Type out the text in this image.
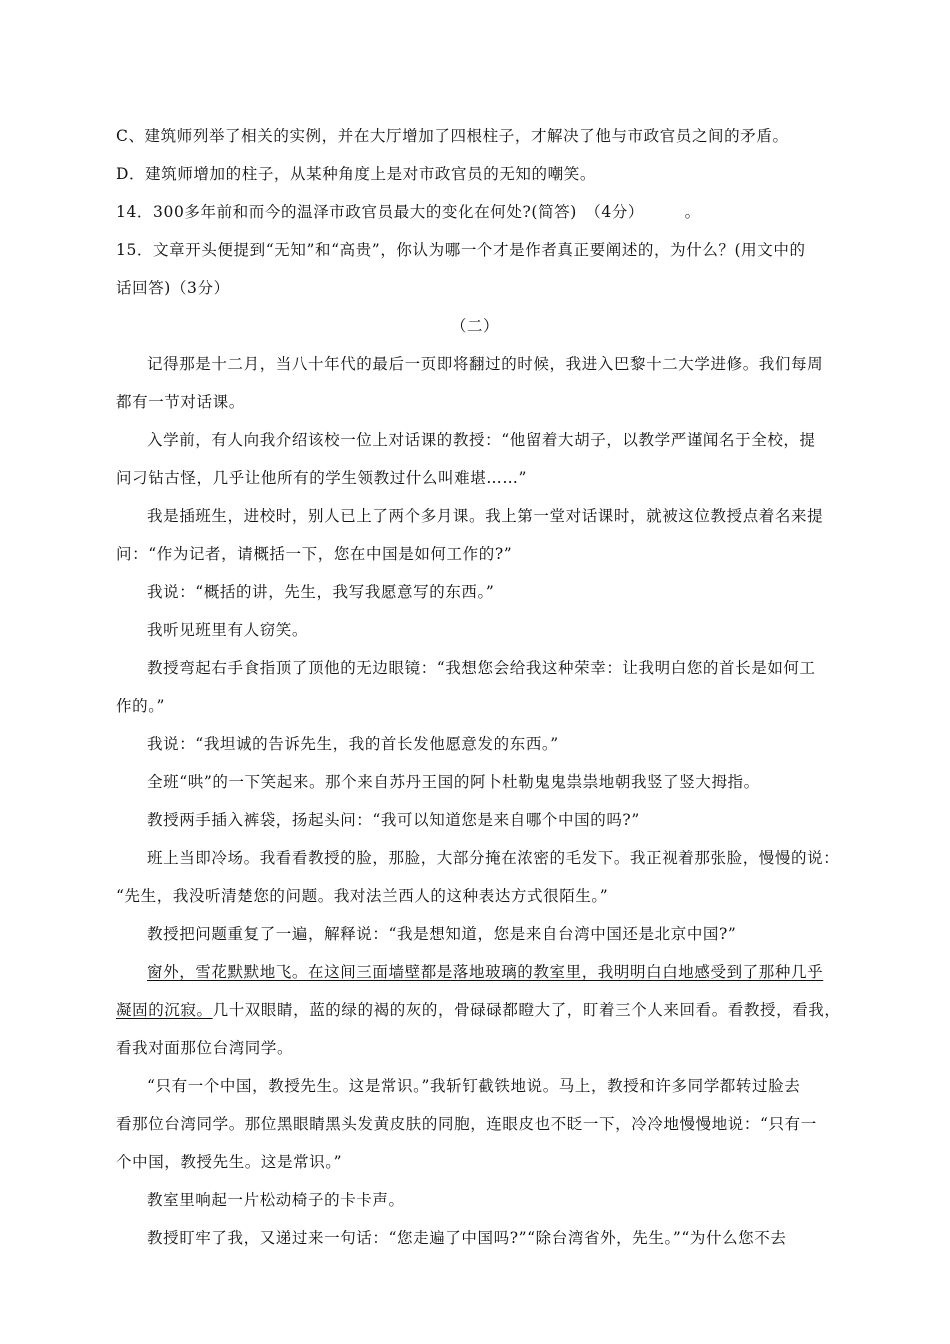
C、建筑师列举了相关的实例，并在大厅增加了四根柱子，才解决了他与市政官员之间的矛盾。
D．建筑师增加的柱子，从某种角度上是对市政官员的无知的嘲笑。
14．300多年前和而今的温泽市政官员最大的变化在何处?(简答)　（4分）　　　。
15．文章开头便提到“无知”和“高贵”，你认为哪一个才是作者真正要阐述的，为什么？(用文中的
话回答)（3分）
（二）
记得那是十二月，当八十年代的最后一页即将翻过的时候，我进入巴黎十二大学进修。我们每周
都有一节对话课。
入学前，有人向我介绍该校一位上对话课的教授：“他留着大胡子，以教学严谨闻名于全校，提
问刁钻古怪，几乎让他所有的学生领教过什么叫难堪……”
我是插班生，进校时，别人已上了两个多月课。我上第一堂对话课时，就被这位教授点着名来提
问：“作为记者，请概括一下，您在中国是如何工作的?”
我说：“概括的讲，先生，我写我愿意写的东西。”
我听见班里有人窃笑。
教授弯起右手食指顶了顶他的无边眼镜：“我想您会给我这种荣幸：让我明白您的首长是如何工
作的。”
我说：“我坦诚的告诉先生，我的首长发他愿意发的东西。”
全班“哄”的一下笑起来。那个来自苏丹王国的阿卜杜勒鬼鬼祟祟地朝我竖了竖大拇指。
教授两手插入裤袋，扬起头问：“我可以知道您是来自哪个中国的吗?”
班上当即冷场。我看看教授的脸，那脸，大部分掩在浓密的毛发下。我正视着那张脸，慢慢的说：
“先生，我没听清楚您的问题。我对法兰西人的这种表达方式很陌生。”
教授把问题重复了一遍，解释说：“我是想知道，您是来自台湾中国还是北京中国?”
窗外，雪花默默地飞。在这间三面墙壁都是落地玻璃的教室里，我明明白白地感受到了那种几乎
凝固的沉寂。几十双眼睛，蓝的绿的褐的灰的，骨碌碌都瞪大了，盯着三个人来回看。看教授，看我，
看我对面那位台湾同学。
“只有一个中国，教授先生。这是常识。”我斩钉截铁地说。马上，教授和许多同学都转过脸去
看那位台湾同学。那位黑眼睛黑头发黄皮肤的同胞，连眼皮也不眨一下，冷冷地慢慢地说：“只有一
个中国，教授先生。这是常识。”
教室里响起一片松动椅子的卡卡声。
教授盯牢了我，又递过来一句话：“您走遍了中国吗?”“除台湾省外，先生。”“为什么您不去
